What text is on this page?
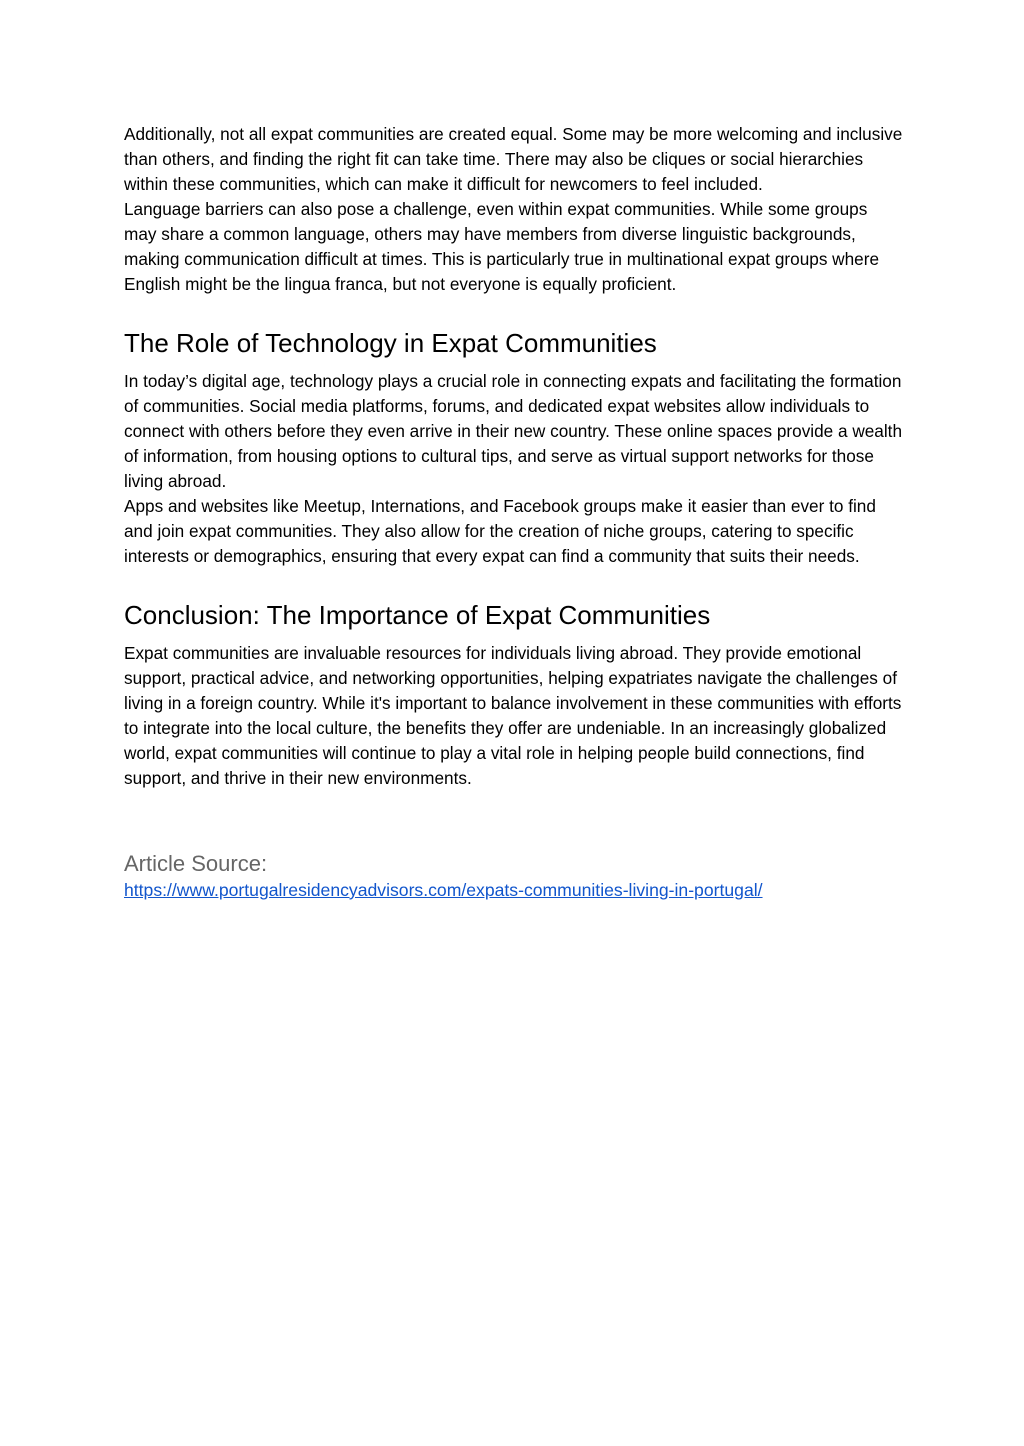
Additionally, not all expat communities are created equal. Some may be more welcoming and inclusive than others, and finding the right fit can take time. There may also be cliques or social hierarchies within these communities, which can make it difficult for newcomers to feel included.

Language barriers can also pose a challenge, even within expat communities. While some groups may share a common language, others may have members from diverse linguistic backgrounds, making communication difficult at times. This is particularly true in multinational expat groups where English might be the lingua franca, but not everyone is equally proficient.

The Role of Technology in Expat Communities

In today’s digital age, technology plays a crucial role in connecting expats and facilitating the formation of communities. Social media platforms, forums, and dedicated expat websites allow individuals to connect with others before they even arrive in their new country. These online spaces provide a wealth of information, from housing options to cultural tips, and serve as virtual support networks for those living abroad.

Apps and websites like Meetup, Internations, and Facebook groups make it easier than ever to find and join expat communities. They also allow for the creation of niche groups, catering to specific interests or demographics, ensuring that every expat can find a community that suits their needs.

Conclusion: The Importance of Expat Communities

Expat communities are invaluable resources for individuals living abroad. They provide emotional support, practical advice, and networking opportunities, helping expatriates navigate the challenges of living in a foreign country. While it's important to balance involvement in these communities with efforts to integrate into the local culture, the benefits they offer are undeniable. In an increasingly globalized world, expat communities will continue to play a vital role in helping people build connections, find support, and thrive in their new environments.

Article Source:
https://www.portugalresidencyadvisors.com/expats-communities-living-in-portugal/
